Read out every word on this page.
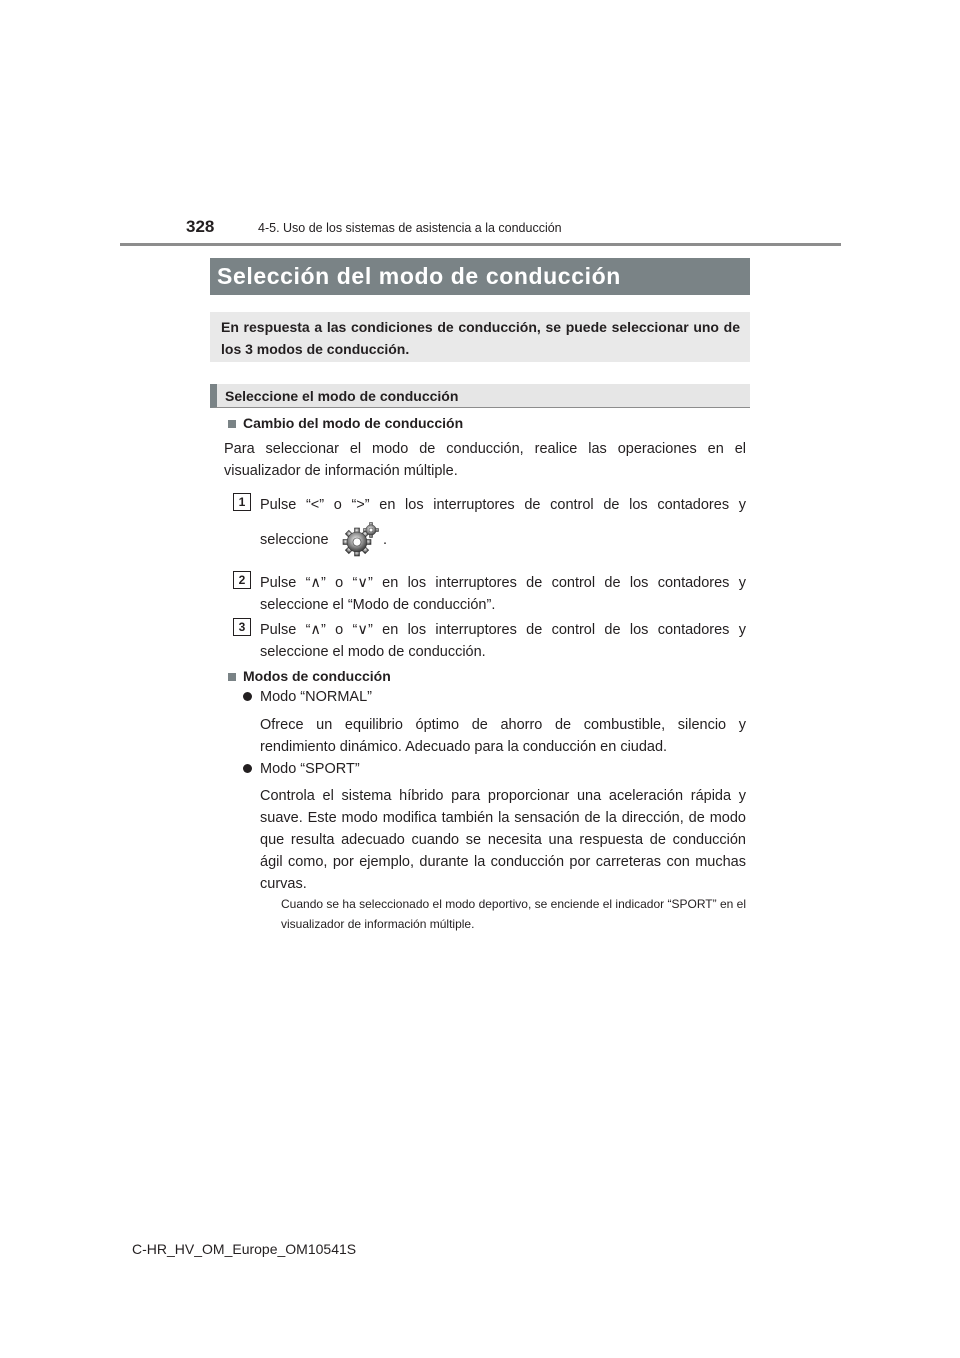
328	4-5. Uso de los sistemas de asistencia a la conducción
Selección del modo de conducción
En respuesta a las condiciones de conducción, se puede seleccionar uno de los 3 modos de conducción.
Seleccione el modo de conducción
Cambio del modo de conducción
Para seleccionar el modo de conducción, realice las operaciones en el visualizador de información múltiple.
1	Pulse “<” o “>” en los interruptores de control de los contadores y
seleccione	.
2	Pulse “∧” o “∨” en los interruptores de control de los contadores y seleccione el “Modo de conducción”.
3	Pulse “∧” o “∨” en los interruptores de control de los contadores y seleccione el modo de conducción.
Modos de conducción
Modo “NORMAL”
Ofrece un equilibrio óptimo de ahorro de combustible, silencio y rendimiento dinámico. Adecuado para la conducción en ciudad.
Modo “SPORT”
Controla el sistema híbrido para proporcionar una aceleración rápida y suave. Este modo modifica también la sensación de la dirección, de modo que resulta adecuado cuando se necesita una respuesta de conducción ágil como, por ejemplo, durante la conducción por carreteras con muchas curvas.
Cuando se ha seleccionado el modo deportivo, se enciende el indicador “SPORT” en el visualizador de información múltiple.
C-HR_HV_OM_Europe_OM10541S
